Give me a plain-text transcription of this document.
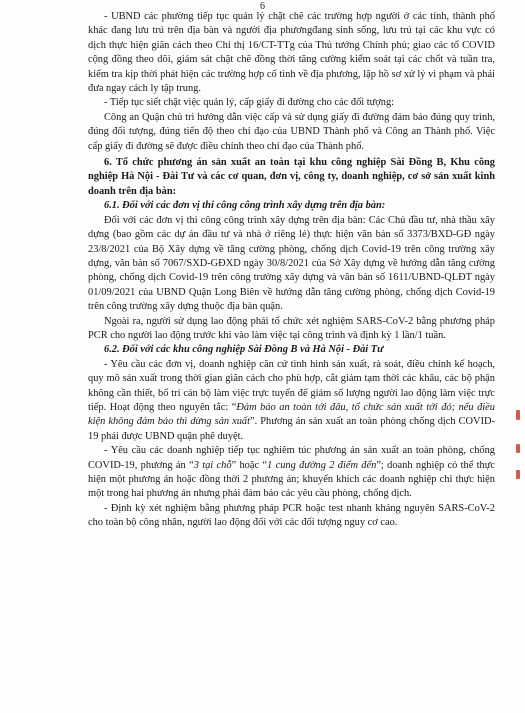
6

- UBND các phường tiếp tục quản lý chặt chẽ các trường hợp người ở các tỉnh, thành phố khác đang lưu trú trên địa bàn và người địa phươngđang sinh sống, lưu trú tại các khu vực có dịch thực hiện giãn cách theo Chỉ thị 16/CT-TTg của Thủ tướng Chính phủ; giao các tổ COVID cộng đồng theo dõi, giám sát chặt chẽ đồng thời tăng cường kiểm soát tại các chốt và tuần tra, kiểm tra kịp thời phát hiện các trường hợp cố tình về địa phương, lập hồ sơ xử lý vi phạm và phải đưa ngay cách ly tập trung.

- Tiếp tục siết chặt việc quản lý, cấp giấy đi đường cho các đối tượng:

Công an Quận chủ trì hướng dẫn việc cấp và sử dụng giấy đi đường đảm bảo đúng quy trình, đúng đối tượng, đúng tiến độ theo chỉ đạo của UBND Thành phố và Công an Thành phố. Việc cấp giấy đi đường sẽ được điều chỉnh theo chỉ đạo của Thành phố.

6. Tổ chức phương án sản xuất an toàn tại khu công nghiệp Sài Đồng B, Khu công nghiệp Hà Nội - Đài Tư và các cơ quan, đơn vị, công ty, doanh nghiệp, cơ sở sản xuất kinh doanh trên địa bàn:

6.1. Đối với các đơn vị thi công công trình xây dựng trên địa bàn:

Đối với các đơn vị thi công công trình xây dựng trên địa bàn: Các Chủ đầu tư, nhà thầu xây dựng (bao gồm các dự án đầu tư và nhà ở riêng lẻ) thực hiện văn bản số 3373/BXD-GĐ ngày 23/8/2021 của Bộ Xây dựng về tăng cường phòng, chống dịch Covid-19 trên công trường xây dựng, văn bản số 7067/SXD-GĐXD ngày 30/8/2021 của Sở Xây dựng về hướng dẫn tăng cường phòng, chống dịch Covid-19 trên công trường xây dựng và văn bản số 1611/UBND-QLĐT ngày 01/09/2021 của UBND Quận Long Biên về hướng dẫn tăng cường phòng, chống dịch Covid-19 trên công trường xây dựng thuộc địa bàn quận.

Ngoài ra, người sử dụng lao động phải tổ chức xét nghiệm SARS-CoV-2 bằng phương pháp PCR cho người lao động trước khi vào làm việc tại công trình và định kỳ 1 lần/1 tuần.

6.2. Đối với các khu công nghiệp Sài Đồng B và Hà Nội - Đài Tư

- Yêu cầu các đơn vị, doanh nghiệp căn cứ tình hình sản xuất, rà soát, điều chỉnh kế hoạch, quy mô sản xuất trong thời gian giãn cách cho phù hợp, cắt giảm tạm thời các khâu, các bộ phận không cần thiết, bố trí cán bộ làm việc trực tuyến để giảm số lượng người lao động làm việc trực tiếp. Hoạt động theo nguyên tắc: “Đảm bảo an toàn tới đâu, tổ chức sản xuất tới đó; nếu điều kiện không đảm bảo thì dừng sản xuất”. Phương án sản xuất an toàn phòng chống dịch COVID-19 phải được UBND quận phê duyệt.

- Yêu cầu các doanh nghiệp tiếp tục nghiêm túc phương án sản xuất an toàn phòng, chống COVID-19, phương án “3 tại chỗ” hoặc “1 cung đường 2 điểm đến”; doanh nghiệp có thể thực hiện một phương án hoặc đồng thời 2 phương án; khuyến khích các doanh nghiệp chỉ thực hiện một trong hai phương án nhưng phải đảm bảo các yêu cầu phòng, chống dịch.

- Định kỳ xét nghiệm bằng phương pháp PCR hoặc test nhanh kháng nguyên SARS-CoV-2 cho toàn bộ công nhân, người lao động đối với các đối tượng nguy cơ cao.
